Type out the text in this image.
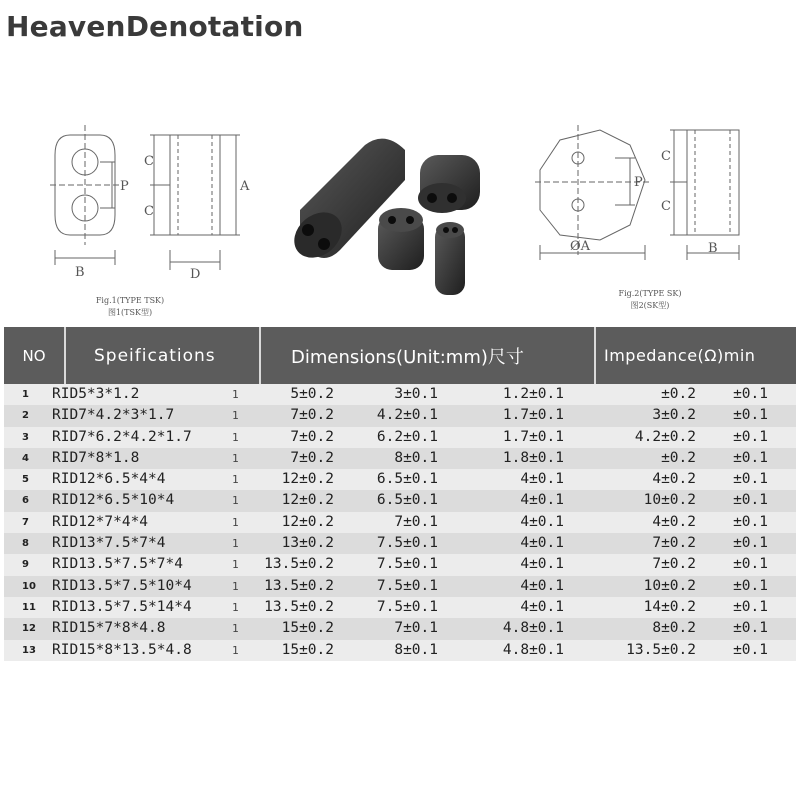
HeavenDenotation
B	D
P
C
C
A
Fig.1(TYPE TSK)
图1(TSK型)
ØA	B
P
C
C
Fig.2(TYPE SK)
图2(SK型)
NO	Speifications	Dimensions(Unit:mm)尺寸	Impedance(Ω)min
1 RID5*3*1.2	1	5±0.2	3±0.1	1.2±0.1	±0.2	±0.1
2 RID7*4.2*3*1.7	1	7±0.2	4.2±0.1	1.7±0.1	3±0.2	±0.1
3 RID7*6.2*4.2*1.7	1	7±0.2	6.2±0.1	1.7±0.1	4.2±0.2	±0.1
4 RID7*8*1.8	1	7±0.2	8±0.1	1.8±0.1	±0.2	±0.1
5 RID12*6.5*4*4	1	12±0.2	6.5±0.1	4±0.1	4±0.2	±0.1
6 RID12*6.5*10*4	1	12±0.2	6.5±0.1	4±0.1	10±0.2	±0.1
7 RID12*7*4*4	1	12±0.2	7±0.1	4±0.1	4±0.2	±0.1
8 RID13*7.5*7*4	1	13±0.2	7.5±0.1	4±0.1	7±0.2	±0.1
9 RID13.5*7.5*7*4	1 13.5±0.2	7.5±0.1	4±0.1	7±0.2	±0.1
10 RID13.5*7.5*10*4	1 13.5±0.2	7.5±0.1	4±0.1	10±0.2	±0.1
11 RID13.5*7.5*14*4	1 13.5±0.2	7.5±0.1	4±0.1	14±0.2	±0.1
12 RID15*7*8*4.8	1	15±0.2	7±0.1	4.8±0.1	8±0.2	±0.1
13 RID15*8*13.5*4.8	1	15±0.2	8±0.1	4.8±0.1	13.5±0.2	±0.1
